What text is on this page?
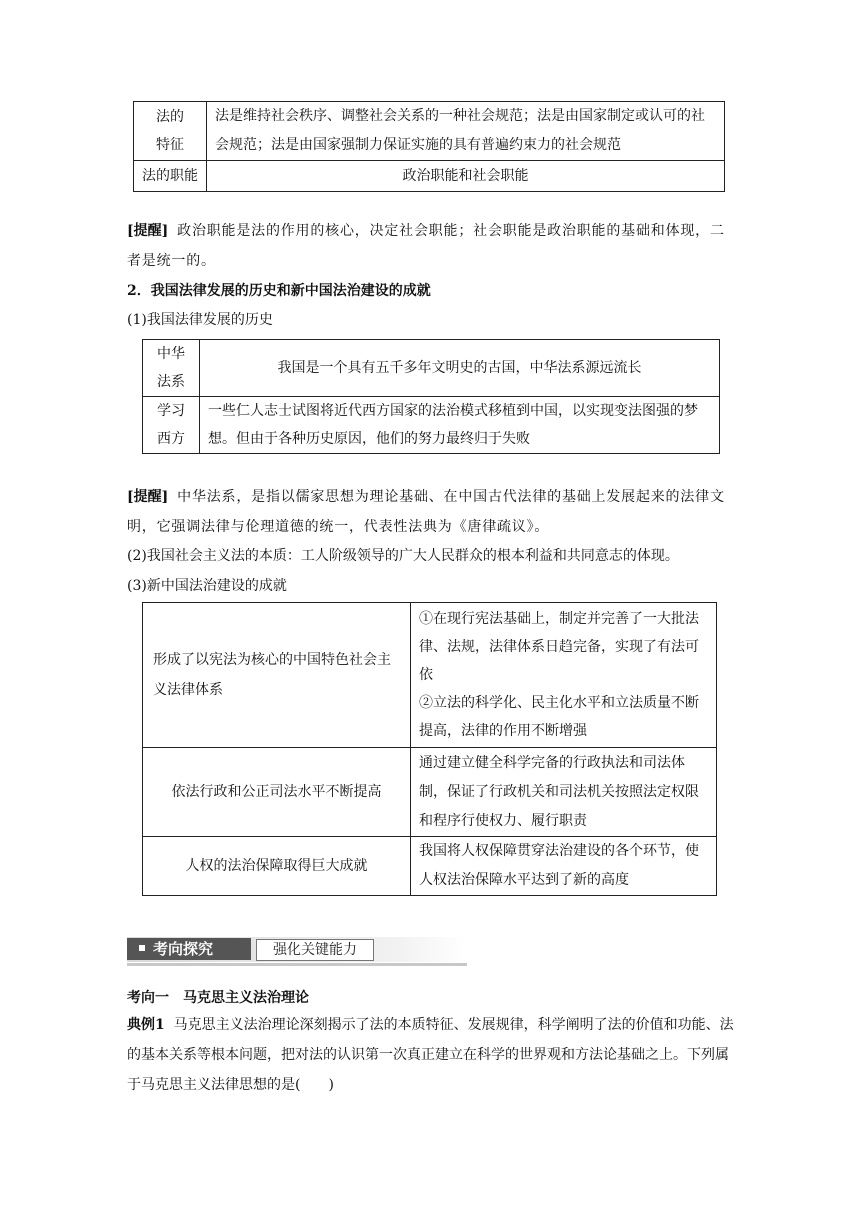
法的
特征	法是维持社会秩序、调整社会关系的一种社会规范；法是由国家制定或认可的社会规范；法是由国家强制力保证实施的具有普遍约束力的社会规范
法的职能	政治职能和社会职能
[提醒] 政治职能是法的作用的核心，决定社会职能；社会职能是政治职能的基础和体现，二者是统一的。
2．我国法律发展的历史和新中国法治建设的成就
(1)我国法律发展的历史
中华
法系	我国是一个具有五千多年文明史的古国，中华法系源远流长
学习
西方	一些仁人志士试图将近代西方国家的法治模式移植到中国，以实现变法图强的梦想。但由于各种历史原因，他们的努力最终归于失败
[提醒] 中华法系，是指以儒家思想为理论基础、在中国古代法律的基础上发展起来的法律文明，它强调法律与伦理道德的统一，代表性法典为《唐律疏议》。
(2)我国社会主义法的本质：工人阶级领导的广大人民群众的根本利益和共同意志的体现。
(3)新中国法治建设的成就
形成了以宪法为核心的中国特色社会主义法律体系	①在现行宪法基础上，制定并完善了一大批法律、法规，法律体系日趋完备，实现了有法可依
②立法的科学化、民主化水平和立法质量不断提高，法律的作用不断增强

依法行政和公正司法水平不断提高	通过建立健全科学完备的行政执法和司法体制，保证了行政机关和司法机关按照法定权限和程序行使权力、履行职责
人权的法治保障取得巨大成就	我国将人权保障贯穿法治建设的各个环节，使人权法治保障水平达到了新的高度
考向探究	强化关键能力
考向一　马克思主义法治理论
典例1 马克思主义法治理论深刻揭示了法的本质特征、发展规律，科学阐明了法的价值和功能、法的基本关系等根本问题，把对法的认识第一次真正建立在科学的世界观和方法论基础之上。下列属于马克思主义法律思想的是(　　)
